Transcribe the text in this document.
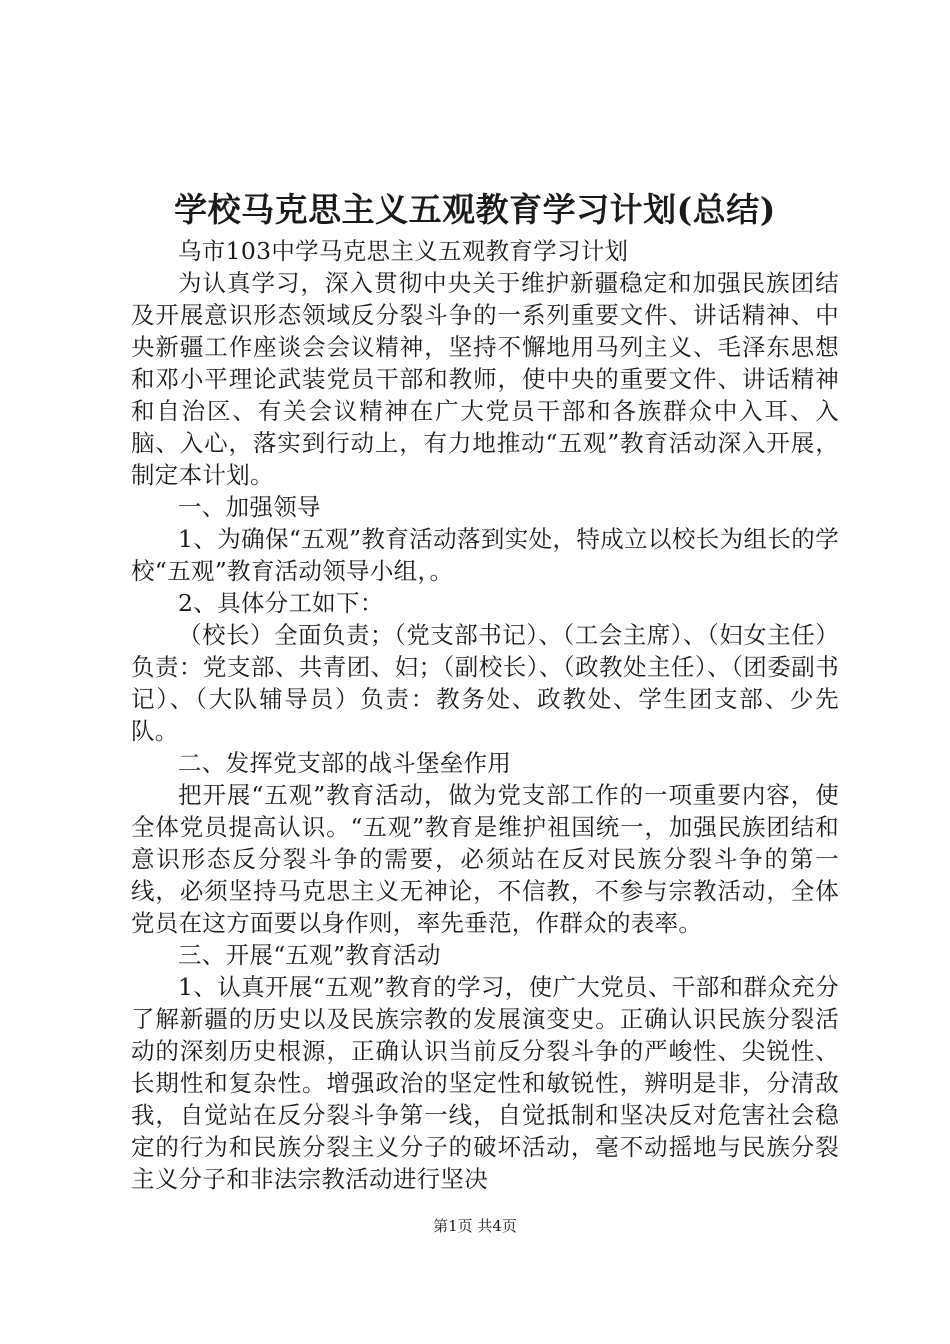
学校马克思主义五观教育学习计划(总结)

乌市103中学马克思主义五观教育学习计划

为认真学习，深入贯彻中央关于维护新疆稳定和加强民族团结及开展意识形态领域反分裂斗争的一系列重要文件、讲话精神、中央新疆工作座谈会会议精神，坚持不懈地用马列主义、毛泽东思想和邓小平理论武装党员干部和教师，使中央的重要文件、讲话精神和自治区、有关会议精神在广大党员干部和各族群众中入耳、入脑、入心，落实到行动上，有力地推动“五观”教育活动深入开展，制定本计划。

一、加强领导

1、为确保“五观”教育活动落到实处，特成立以校长为组长的学校“五观”教育活动领导小组，。

2、具体分工如下：

（校长）全面负责；（党支部书记）、（工会主席）、（妇女主任）负责：党支部、共青团、妇；（副校长）、（政教处主任）、（团委副书记）、（大队辅导员）负责：教务处、政教处、学生团支部、少先队。

二、发挥党支部的战斗堡垒作用

把开展“五观”教育活动，做为党支部工作的一项重要内容，使全体党员提高认识。“五观”教育是维护祖国统一，加强民族团结和意识形态反分裂斗争的需要，必须站在反对民族分裂斗争的第一线，必须坚持马克思主义无神论，不信教，不参与宗教活动，全体党员在这方面要以身作则，率先垂范，作群众的表率。

三、开展“五观”教育活动

1、认真开展“五观”教育的学习，使广大党员、干部和群众充分了解新疆的历史以及民族宗教的发展演变史。正确认识民族分裂活动的深刻历史根源，正确认识当前反分裂斗争的严峻性、尖锐性、长期性和复杂性。增强政治的坚定性和敏锐性，辨明是非，分清敌我，自觉站在反分裂斗争第一线，自觉抵制和坚决反对危害社会稳定的行为和民族分裂主义分子的破坏活动，毫不动摇地与民族分裂主义分子和非法宗教活动进行坚决

第1页 共4页
